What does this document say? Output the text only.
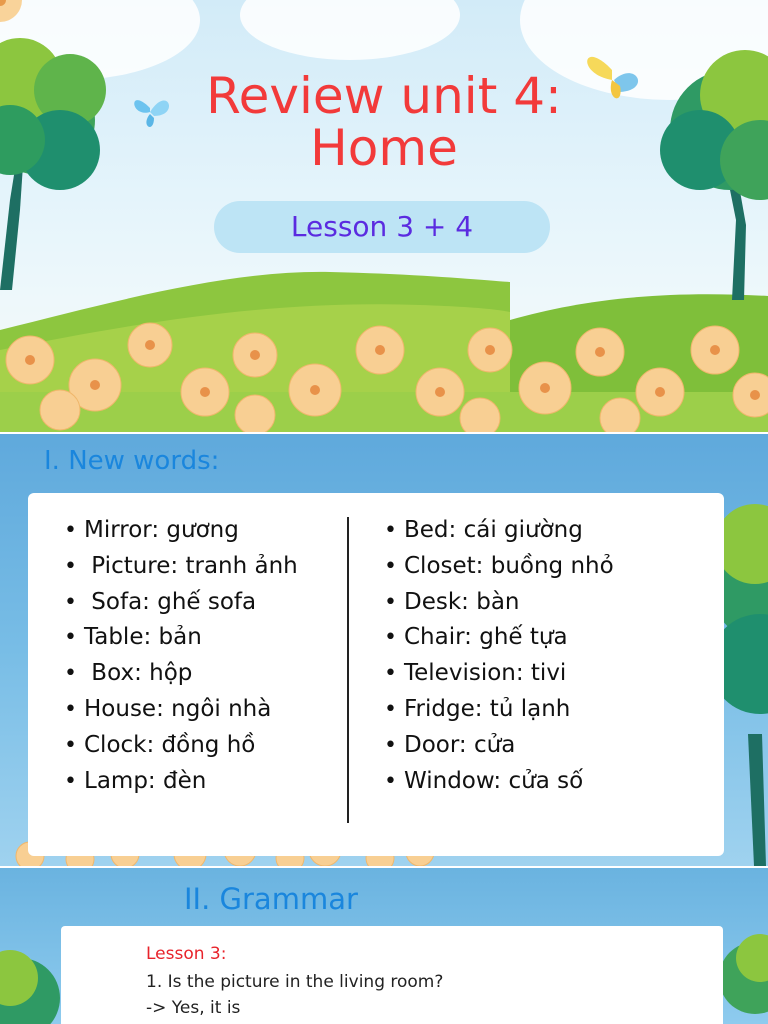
Review unit 4:
Home
Lesson 3 + 4
I. New words:
• Mirror: gương
•  Picture: tranh ảnh
•  Sofa: ghế sofa
• Table: bản
•  Box: hộp
• House: ngôi nhà
• Clock: đồng hồ
• Lamp: đèn
• Bed: cái giường
• Closet: buồng nhỏ
• Desk: bàn
• Chair: ghế tựa
• Television: tivi
• Fridge: tủ lạnh
• Door: cửa
• Window: cửa số
II. Grammar
Lesson 3:
1. Is the picture in the living room?
-> Yes, it is
